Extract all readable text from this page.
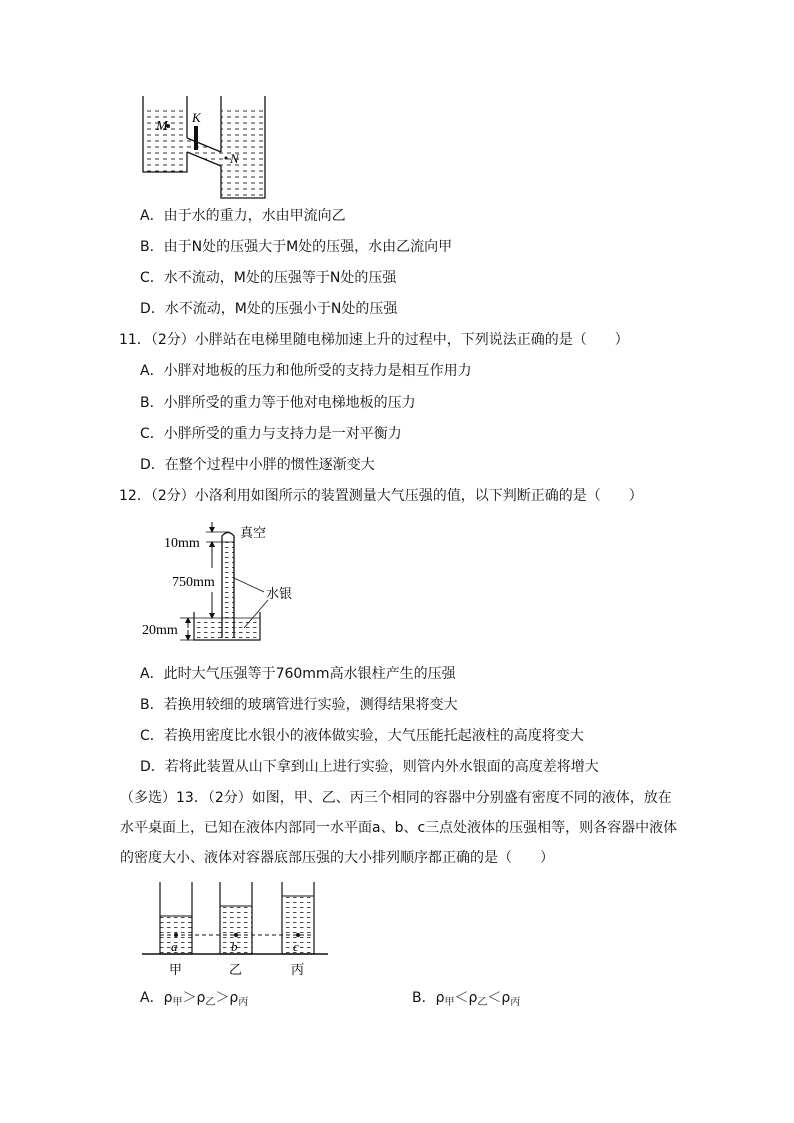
M
K
N
A．由于水的重力，水由甲流向乙
B．由于N处的压强大于M处的压强，水由乙流向甲
C．水不流动，M处的压强等于N处的压强
D．水不流动，M处的压强小于N处的压强
11．（2分）小胖站在电梯里随电梯加速上升的过程中，下列说法正确的是（　　）
A．小胖对地板的压力和他所受的支持力是相互作用力
B．小胖所受的重力等于他对电梯地板的压力
C．小胖所受的重力与支持力是一对平衡力
D．在整个过程中小胖的惯性逐渐变大
12．（2分）小洛利用如图所示的装置测量大气压强的值，以下判断正确的是（　　）
10mm
750mm
20mm
真空
水银
A．此时大气压强等于760mm高水银柱产生的压强
B．若换用较细的玻璃管进行实验，测得结果将变大
C．若换用密度比水银小的液体做实验，大气压能托起液柱的高度将变大
D．若将此装置从山下拿到山上进行实验，则管内外水银面的高度差将增大
（多选）13．（2分）如图，甲、乙、丙三个相同的容器中分别盛有密度不同的液体，放在水平桌面上，已知在液体内部同一水平面a、b、c三点处液体的压强相等，则各容器中液体的密度大小、液体对容器底部压强的大小排列顺序都正确的是（　　）
a	b	c
甲	乙	丙
A．$\rho_甲>\rho_乙>\rho_丙$	B．$\rho_甲<\rho_乙<\rho_丙$
